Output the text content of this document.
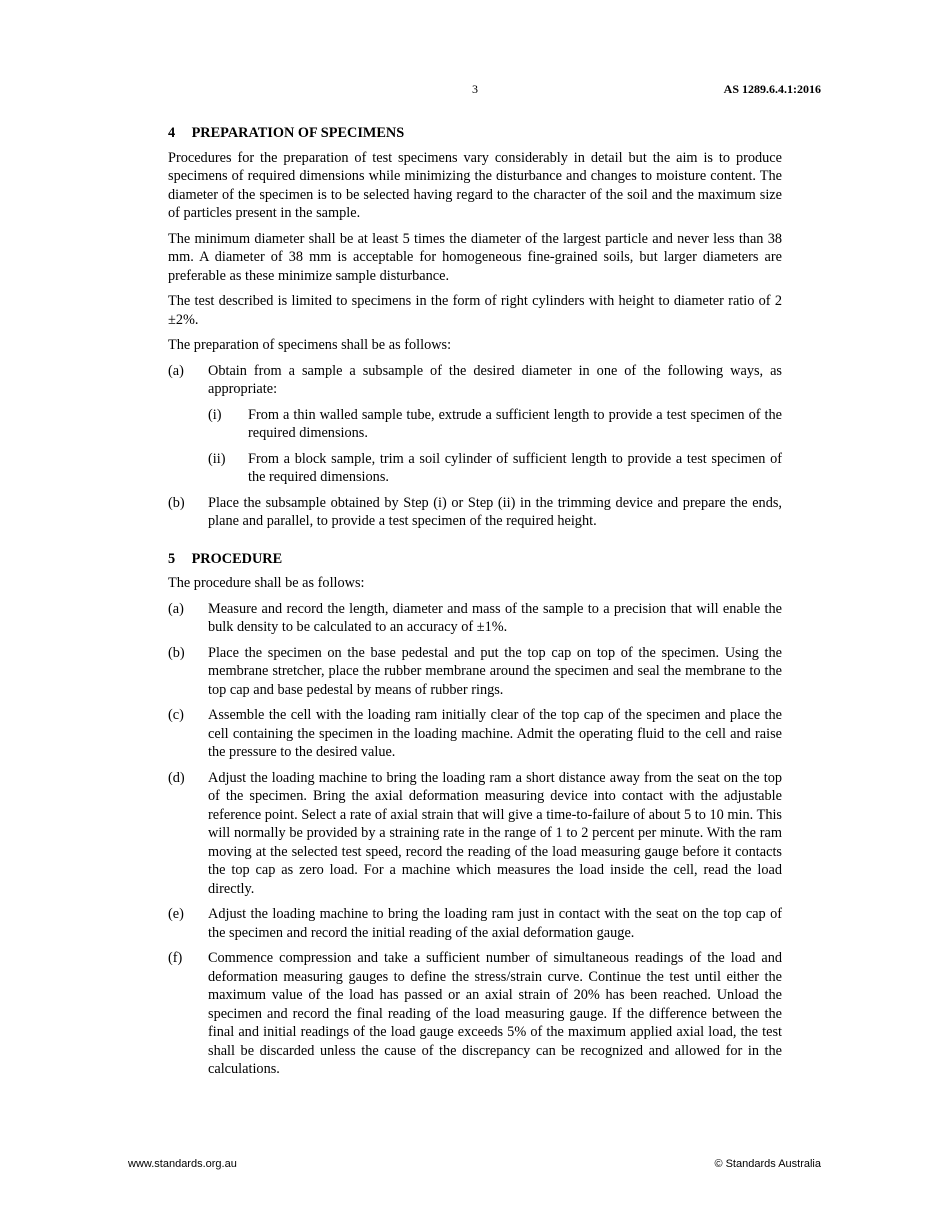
3	AS 1289.6.4.1:2016
4 PREPARATION OF SPECIMENS

Procedures for the preparation of test specimens vary considerably in detail but the aim is to produce specimens of required dimensions while minimizing the disturbance and changes to moisture content. The diameter of the specimen is to be selected having regard to the character of the soil and the maximum size of particles present in the sample.

The minimum diameter shall be at least 5 times the diameter of the largest particle and never less than 38 mm. A diameter of 38 mm is acceptable for homogeneous fine-grained soils, but larger diameters are preferable as these minimize sample disturbance.

The test described is limited to specimens in the form of right cylinders with height to diameter ratio of 2 ±2%.

The preparation of specimens shall be as follows:

(a)	Obtain from a sample a subsample of the desired diameter in one of the following ways, as appropriate:
(i)	From a thin walled sample tube, extrude a sufficient length to provide a test specimen of the required dimensions.
(ii)	From a block sample, trim a soil cylinder of sufficient length to provide a test specimen of the required dimensions.
(b)	Place the subsample obtained by Step (i) or Step (ii) in the trimming device and prepare the ends, plane and parallel, to provide a test specimen of the required height.
5 PROCEDURE

The procedure shall be as follows:

(a)	Measure and record the length, diameter and mass of the sample to a precision that will enable the bulk density to be calculated to an accuracy of ±1%.
(b)	Place the specimen on the base pedestal and put the top cap on top of the specimen. Using the membrane stretcher, place the rubber membrane around the specimen and seal the membrane to the top cap and base pedestal by means of rubber rings.
(c)	Assemble the cell with the loading ram initially clear of the top cap of the specimen and place the cell containing the specimen in the loading machine. Admit the operating fluid to the cell and raise the pressure to the desired value.
(d)	Adjust the loading machine to bring the loading ram a short distance away from the seat on the top of the specimen. Bring the axial deformation measuring device into contact with the adjustable reference point. Select a rate of axial strain that will give a time-to-failure of about 5 to 10 min. This will normally be provided by a straining rate in the range of 1 to 2 percent per minute. With the ram moving at the selected test speed, record the reading of the load measuring gauge before it contacts the top cap as zero load. For a machine which measures the load inside the cell, read the load directly.
(e)	Adjust the loading machine to bring the loading ram just in contact with the seat on the top cap of the specimen and record the initial reading of the axial deformation gauge.
(f)	Commence compression and take a sufficient number of simultaneous readings of the load and deformation measuring gauges to define the stress/strain curve. Continue the test until either the maximum value of the load has passed or an axial strain of 20% has been reached. Unload the specimen and record the final reading of the load measuring gauge. If the difference between the final and initial readings of the load gauge exceeds 5% of the maximum applied axial load, the test shall be discarded unless the cause of the discrepancy can be recognized and allowed for in the calculations.
www.standards.org.au	© Standards Australia
